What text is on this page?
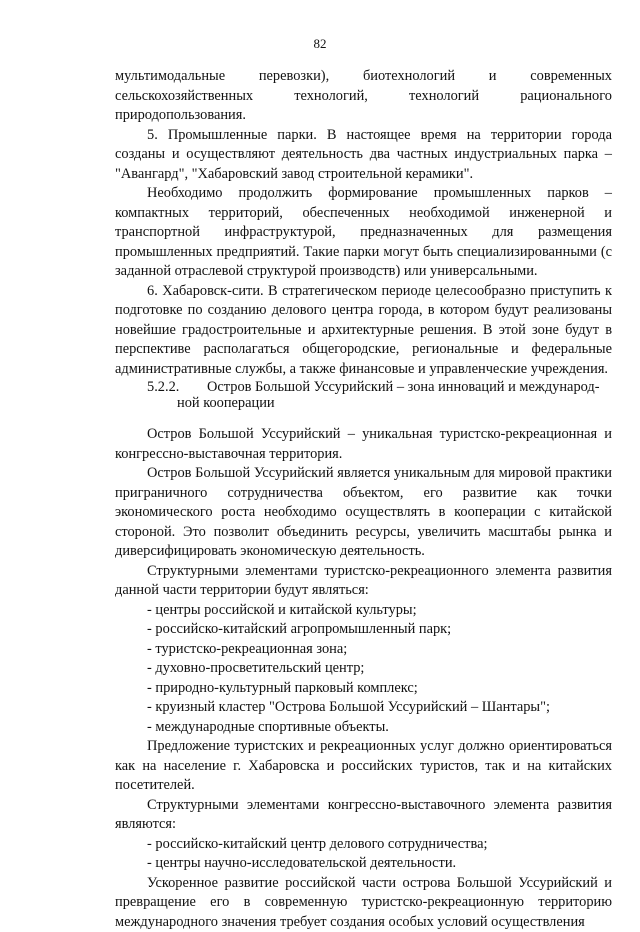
82

мультимодальные перевозки), биотехнологий и современных сельскохозяйственных технологий, технологий рационального природопользования.

5. Промышленные парки. В настоящее время на территории города созданы и осуществляют деятельность два частных индустриальных парка – "Авангард", "Хабаровский завод строительной керамики".

Необходимо продолжить формирование промышленных парков – компактных территорий, обеспеченных необходимой инженерной и транспортной инфраструктурой, предназначенных для размещения промышленных предприятий. Такие парки могут быть специализированными (с заданной отраслевой структурой производств) или универсальными.

6. Хабаровск-сити. В стратегическом периоде целесообразно приступить к подготовке по созданию делового центра города, в котором будут реализованы новейшие градостроительные и архитектурные решения. В этой зоне будут в перспективе располагаться общегородские, региональные и федеральные административные службы, а также финансовые и управленческие учреждения.

5.2.2. Остров Большой Уссурийский – зона инноваций и международ-
ной кооперации

Остров Большой Уссурийский – уникальная туристско-рекреационная и конгрессно-выставочная территория.

Остров Большой Уссурийский является уникальным для мировой практики приграничного сотрудничества объектом, его развитие как точки экономического роста необходимо осуществлять в кооперации с китайской стороной. Это позволит объединить ресурсы, увеличить масштабы рынка и диверсифицировать экономическую деятельность.

Структурными элементами туристско-рекреационного элемента развития данной части территории будут являться:

- центры российской и китайской культуры;
- российско-китайский агропромышленный парк;
- туристско-рекреационная зона;
- духовно-просветительский центр;
- природно-культурный парковый комплекс;
- круизный кластер "Острова Большой Уссурийский – Шантары";
- международные спортивные объекты.

Предложение туристских и рекреационных услуг должно ориентироваться как на население г. Хабаровска и российских туристов, так и на китайских посетителей.

Структурными элементами конгрессно-выставочного элемента развития являются:

- российско-китайский центр делового сотрудничества;
- центры научно-исследовательской деятельности.

Ускоренное развитие российской части острова Большой Уссурийский и превращение его в современную туристско-рекреационную территорию международного значения требует создания особых условий осуществления
